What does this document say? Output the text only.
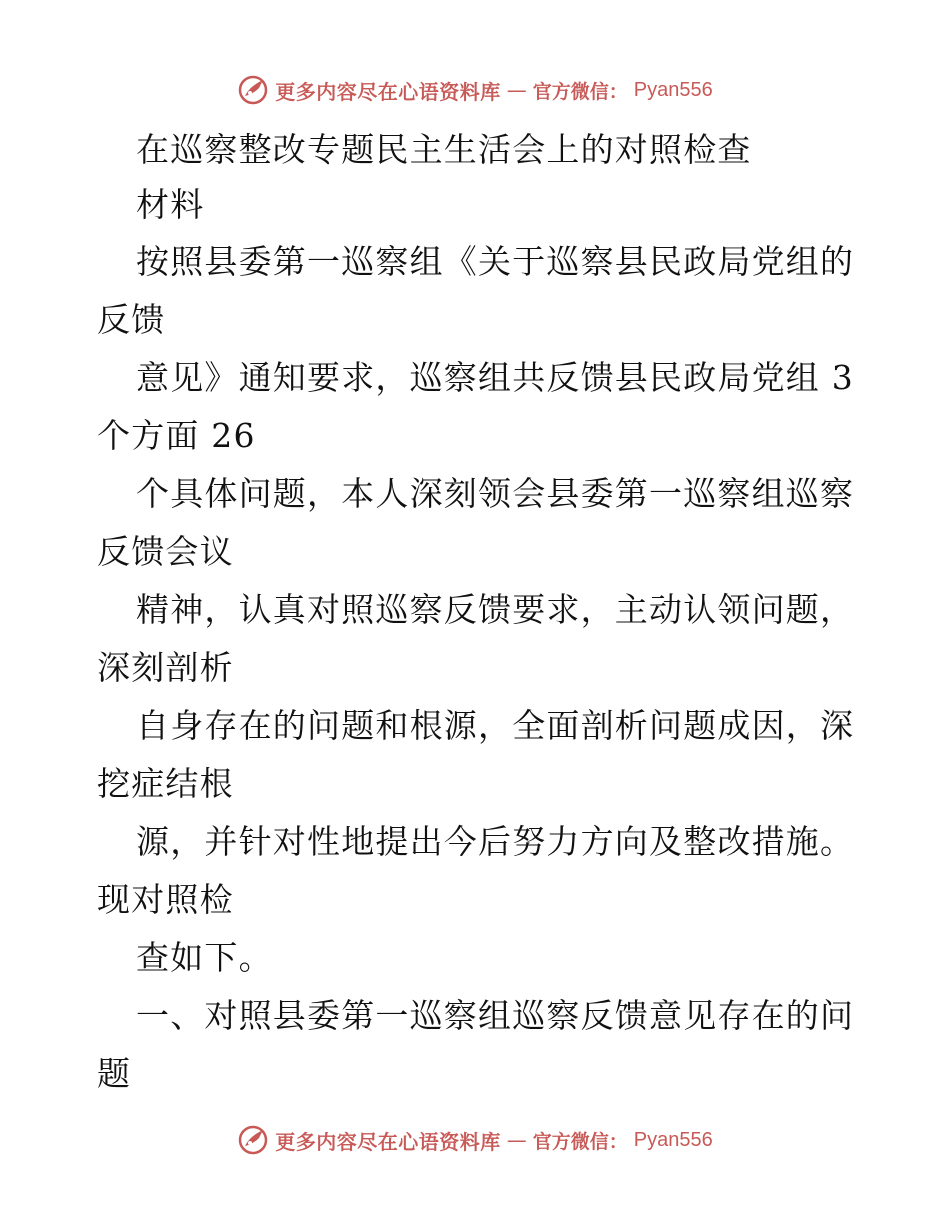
更多内容尽在心语资料库 — 官方微信： Pyan556
在巡察整改专题民主生活会上的对照检查
材料
按照县委第一巡察组《关于巡察县民政局党组的
反馈
意见》通知要求，巡察组共反馈县民政局党组 3
个方面 26
个具体问题，本人深刻领会县委第一巡察组巡察
反馈会议
精神，认真对照巡察反馈要求，主动认领问题，
深刻剖析
自身存在的问题和根源，全面剖析问题成因，深
挖症结根
源，并针对性地提出今后努力方向及整改措施。
现对照检
查如下。
一、对照县委第一巡察组巡察反馈意见存在的问
题
更多内容尽在心语资料库 — 官方微信： Pyan556
